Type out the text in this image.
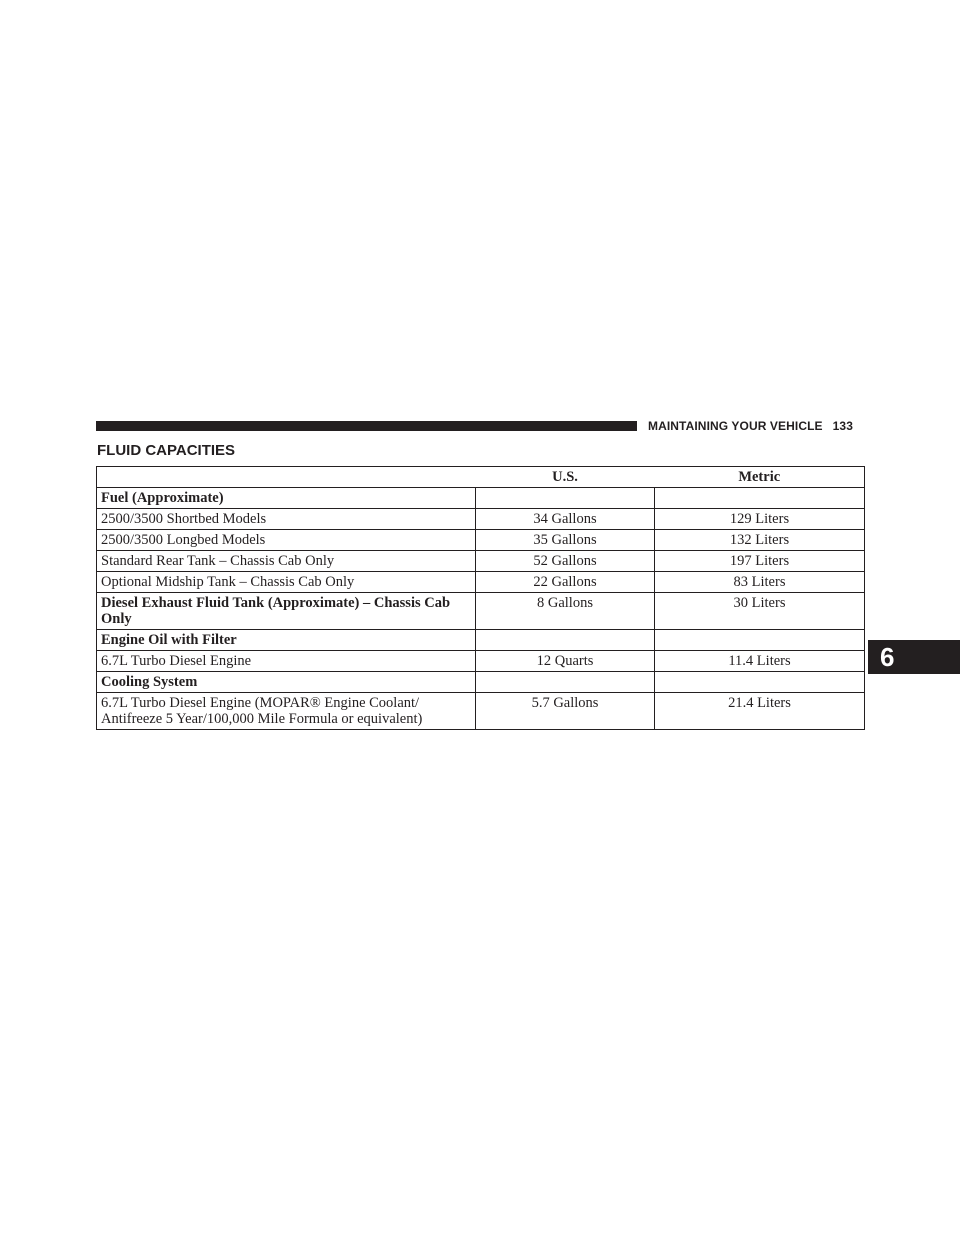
MAINTAINING YOUR VEHICLE 133
FLUID CAPACITIES
6
	U.S.	Metric
Fuel (Approximate)		
2500/3500 Shortbed Models	34 Gallons	129 Liters
2500/3500 Longbed Models	35 Gallons	132 Liters
Standard Rear Tank – Chassis Cab Only	52 Gallons	197 Liters
Optional Midship Tank – Chassis Cab Only	22 Gallons	83 Liters
Diesel Exhaust Fluid Tank (Approximate) – Chassis Cab Only	8 Gallons	30 Liters
Engine Oil with Filter		
6.7L Turbo Diesel Engine	12 Quarts	11.4 Liters
Cooling System		
6.7L Turbo Diesel Engine (MOPAR® Engine Coolant/ Antifreeze 5 Year/100,000 Mile Formula or equivalent)	5.7 Gallons	21.4 Liters
